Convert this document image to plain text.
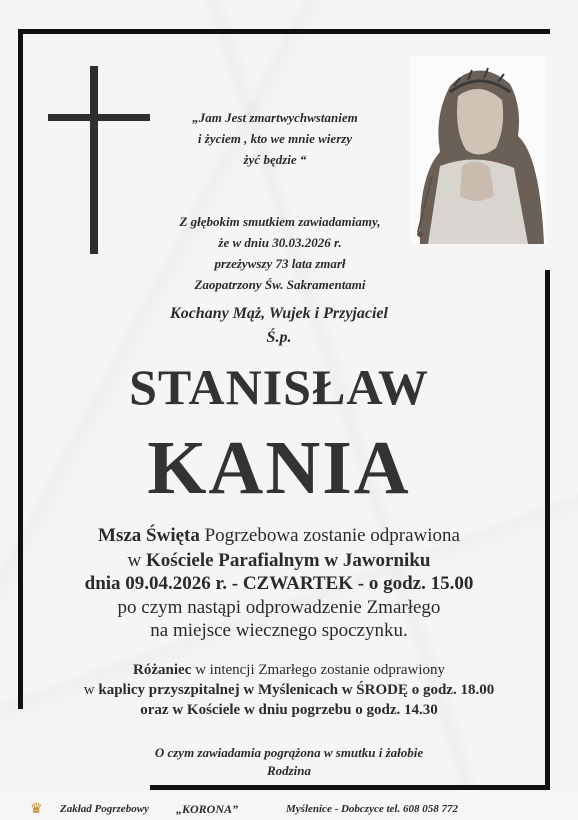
„Jam Jest zmartwychwstaniem
i życiem , kto we mnie wierzy
żyć będzie “
Z głębokim smutkiem zawiadamiamy,
że w dniu 30.03.2026 r.
przeżywszy 73 lata zmarł
Zaopatrzony Św. Sakramentami
Kochany Mąż, Wujek i Przyjaciel
Ś.p.
STANISŁAW
KANIA
Msza Święta Pogrzebowa zostanie odprawiona
w Kościele Parafialnym w Jaworniku
dnia 09.04.2026 r. - CZWARTEK - o godz. 15.00
po czym nastąpi odprowadzenie Zmarłego
na miejsce wiecznego spoczynku.
Różaniec w intencji Zmarłego zostanie odprawiony
w kaplicy przyszpitalnej w Myślenicach w ŚRODĘ o godz. 18.00
oraz w Kościele w dniu pogrzebu o godz. 14.30
O czym zawiadamia pogrążona w smutku i żałobie
Rodzina
♛ Zakład Pogrzebowy „KORONA”	Myślenice - Dobczyce tel. 608 058 772
